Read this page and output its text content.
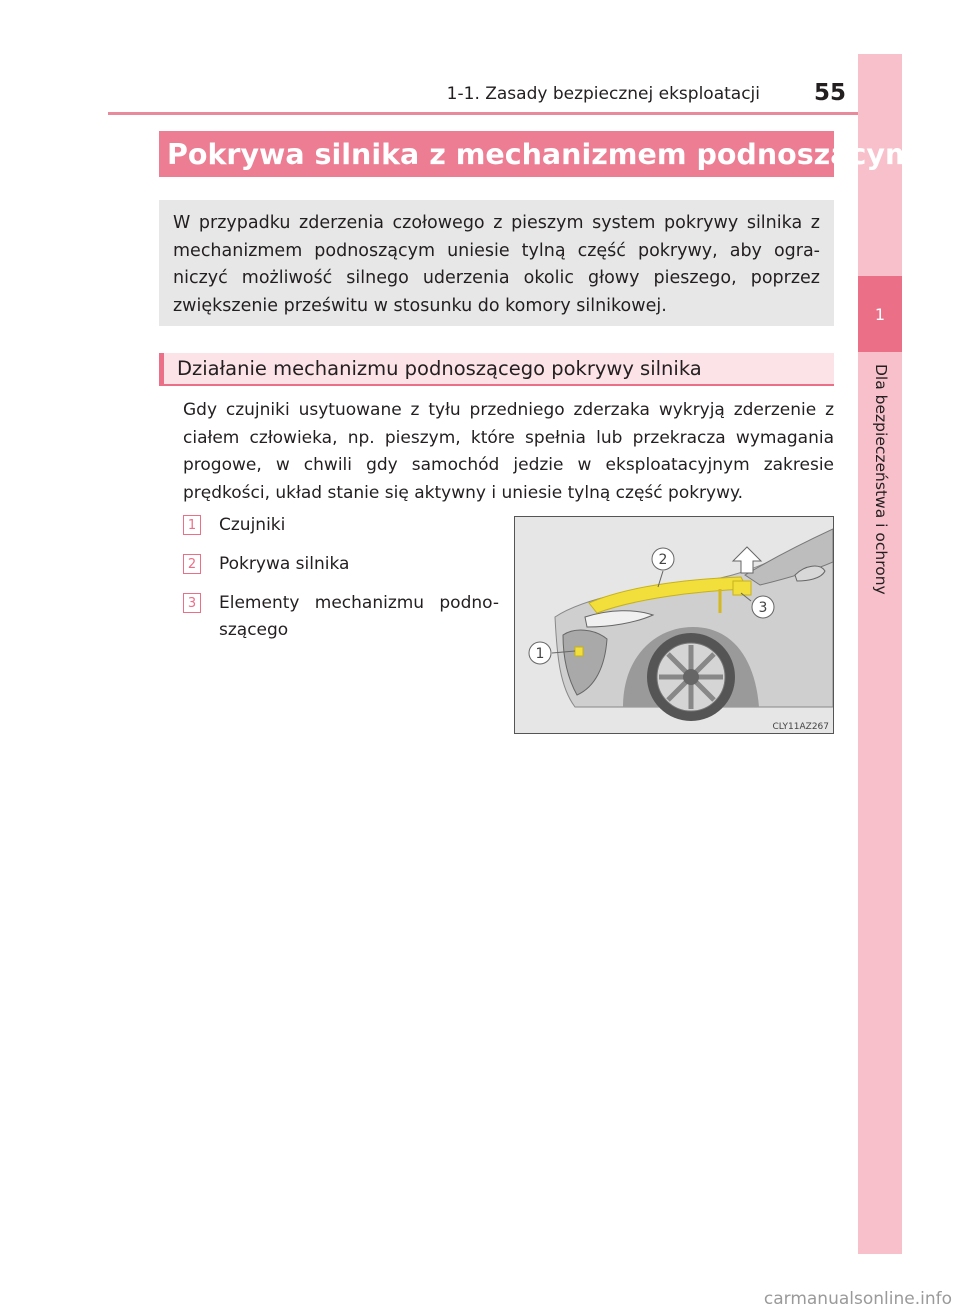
1-1. Zasady bezpiecznej eksploatacji	55
1
Dla bezpieczeństwa i ochrony
Pokrywa silnika z mechanizmem podnoszącym
W przypadku zderzenia czołowego z pieszym system pokrywy silnika z mechanizmem podnoszącym uniesie tylną część pokrywy, aby ogra-niczyć możliwość silnego uderzenia okolic głowy pieszego, poprzez zwiększenie prześwitu w stosunku do komory silnikowej.
Działanie mechanizmu podnoszącego pokrywy silnika
Gdy czujniki usytuowane z tyłu przedniego zderzaka wykryją zderzenie z ciałem człowieka, np. pieszym, które spełnia lub przekracza wymagania progowe, w chwili gdy samochód jedzie w eksploatacyjnym zakresie prędkości, układ stanie się aktywny i uniesie tylną część pokrywy.
1 Czujniki
2 Pokrywa silnika
3 Elementy mechanizmu podno-szącego
1
2
3
CLY11AZ267
carmanualsonline.info
